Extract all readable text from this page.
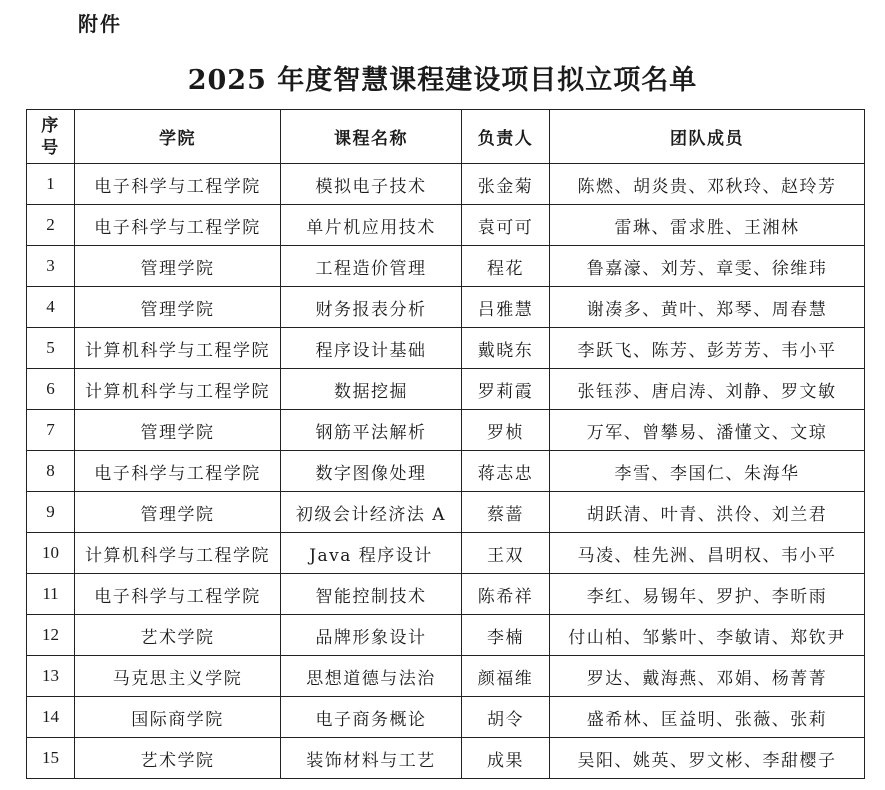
附件
2025 年度智慧课程建设项目拟立项名单
序
号	学院	课程名称	负责人	团队成员
1	电子科学与工程学院	模拟电子技术	张金菊	陈燃、胡炎贵、邓秋玲、赵玲芳
2	电子科学与工程学院	单片机应用技术	袁可可	雷琳、雷求胜、王湘林
3	管理学院	工程造价管理	程花	鲁嘉濠、刘芳、章雯、徐维玮
4	管理学院	财务报表分析	吕雅慧	谢凑多、黄叶、郑琴、周春慧
5	计算机科学与工程学院	程序设计基础	戴晓东	李跃飞、陈芳、彭芳芳、韦小平
6	计算机科学与工程学院	数据挖掘	罗莉霞	张钰莎、唐启涛、刘静、罗文敏
7	管理学院	钢筋平法解析	罗桢	万军、曾攀易、潘懂文、文琼
8	电子科学与工程学院	数字图像处理	蒋志忠	李雪、李国仁、朱海华
9	管理学院	初级会计经济法 A	蔡蔷	胡跃清、叶青、洪伶、刘兰君
10	计算机科学与工程学院	Java 程序设计	王双	马凌、桂先洲、昌明权、韦小平
11	电子科学与工程学院	智能控制技术	陈希祥	李红、易锡年、罗护、李昕雨
12	艺术学院	品牌形象设计	李楠	付山柏、邹紫叶、李敏请、郑钦尹
13	马克思主义学院	思想道德与法治	颜福维	罗达、戴海燕、邓娟、杨菁菁
14	国际商学院	电子商务概论	胡令	盛希林、匡益明、张薇、张莉
15	艺术学院	装饰材料与工艺	成果	吴阳、姚英、罗文彬、李甜樱子
